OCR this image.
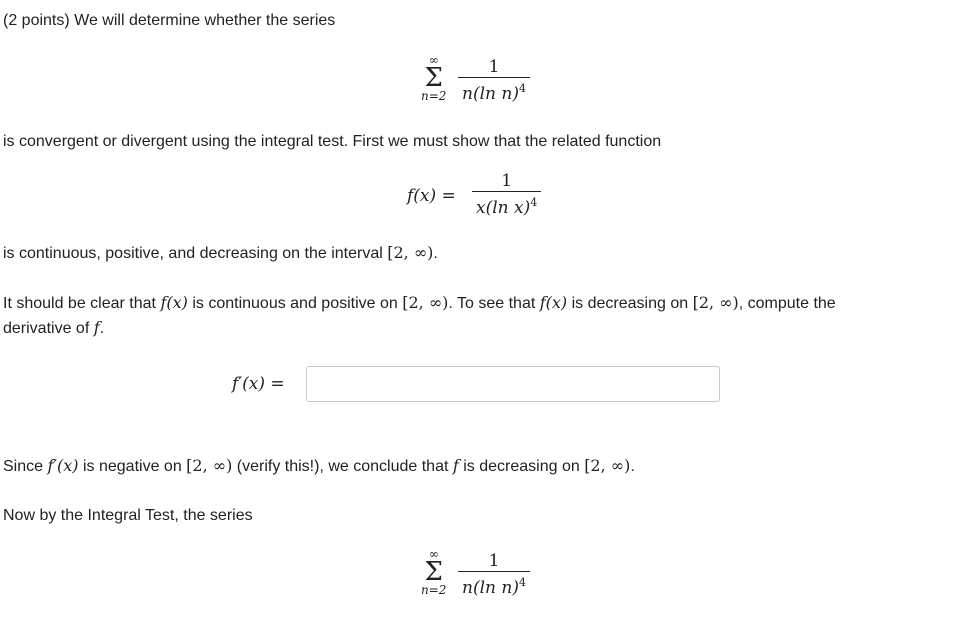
(2 points) We will determine whether the series
∞
Σ
n=2
1
n(ln n)$^4$
is convergent or divergent using the integral test. First we must show that the related function
f(x) =
1
x(ln x)$^4$
is continuous, positive, and decreasing on the interval [2, ∞).
It should be clear that f(x) is continuous and positive on [2, ∞). To see that f(x) is decreasing on [2, ∞), compute the
derivative of f.
f′(x) =
Since f′(x) is negative on [2, ∞) (verify this!), we conclude that f is decreasing on [2, ∞).
Now by the Integral Test, the series
∞
Σ
n=2
1
n(ln n)$^4$
